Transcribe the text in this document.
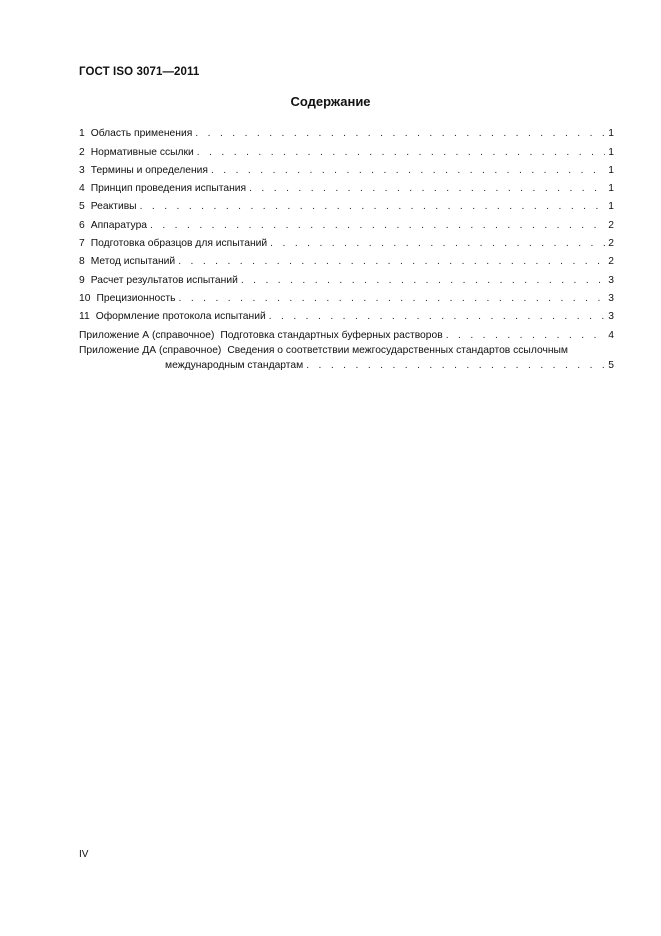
ГОСТ ISO 3071—2011
Содержание
1 Область применения . . .	1
2 Нормативные ссылки . . .	1
3 Термины и определения . . .	1
4 Принцип проведения испытания . . .	1
5 Реактивы . . .	1
6 Аппаратура . . .	2
7 Подготовка образцов для испытаний . . .	2
8 Метод испытаний . . .	2
9 Расчет результатов испытаний . . .	3
10 Прецизионность . . .	3
11 Оформление протокола испытаний . . .	3
Приложение А (справочное) Подготовка стандартных буферных растворов . . .	4
Приложение ДА (справочное) Сведения о соответствии межгосударственных стандартов ссылочным
международным стандартам . . .	5
IV
